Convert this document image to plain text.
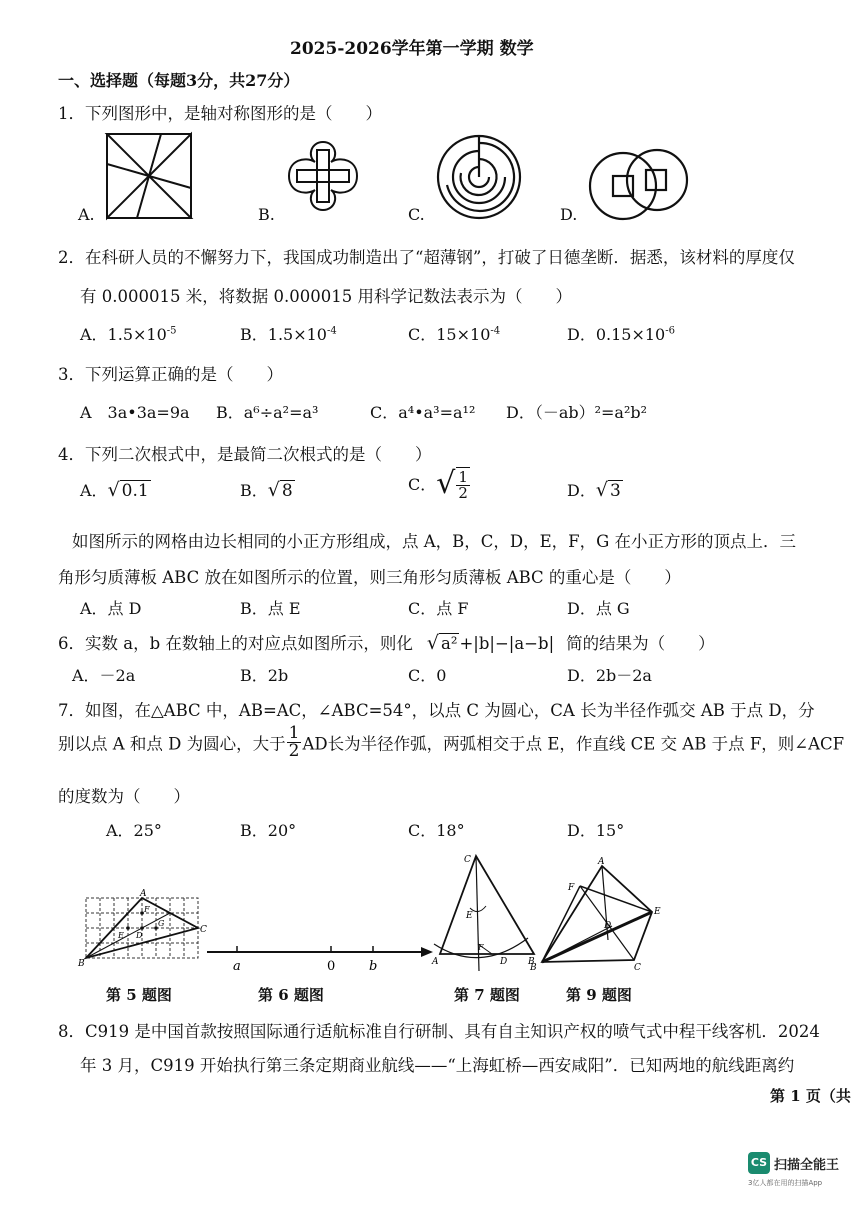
2025-2026学年第一学期 数学
一、选择题（每题3分，共27分）
1．下列图形中，是轴对称图形的是（　　）
A.	B.	C.	D.
2．在科研人员的不懈努力下，我国成功制造出了“超薄钢”，打破了日德垄断．据悉，该材料的厚度仅
有 0.000015 米，将数据 0.000015 用科学记数法表示为（　　）
A．$1.5\times 10^{-5}$	B．$1.5\times 10^{-4}$	C．$15\times 10^{-4}$	D．$0.15\times 10^{-6}$
3．下列运算正确的是（　　）
A　3a•3a=9a B．a⁶÷a²=a³	C．a⁴•a³=a¹² D．（－ab）²=a²b²
4．下列二次根式中，是最简二次根式的是（　　）
A．√ 0.1	B．√ 8	C．√ $\frac{1}{2}$	D．√ 3
如图所示的网格由边长相同的小正方形组成，点 A，B，C，D，E，F，G 在小正方形的顶点上．三
角形匀质薄板 ABC 放在如图所示的位置，则三角形匀质薄板 ABC 的重心是（　　）
A．点 D	B．点 E	C．点 F	D．点 G
6．实数 a，b 在数轴上的对应点如图所示，则化 √ a² +|b|−|a−b| 简的结果为（　　）
A．－2a	B．2b	C．0	D．2b－2a
7．如图，在△ABC 中，AB=AC，∠ABC=54°，以点 C 为圆心，CA 长为半径作弧交 AB 于点 D，分
别以点 A 和点 D 为圆心，大于 $\frac{1}{2}$ AD长为半径作弧，两弧相交于点 E，作直线 CE 交 AB 于点 F，则∠ACF
的度数为（　　）
A．25°	B．20°	C．18°	D．15°
A
B
C
F
G
E D
a	0	b
C
E
A
F
D B
A
F
E
D
B	C
第 5 题图	第 6 题图	第 7 题图	第 9 题图
8．C919 是中国首款按照国际通行适航标准自行研制、具有自主知识产权的喷气式中程干线客机．2024
年 3 月，C919 开始执行第三条定期商业航线——“上海虹桥—西安咸阳”．已知两地的航线距离约
第 1 页（共
CS 扫描全能王
3亿人都在用的扫描App
